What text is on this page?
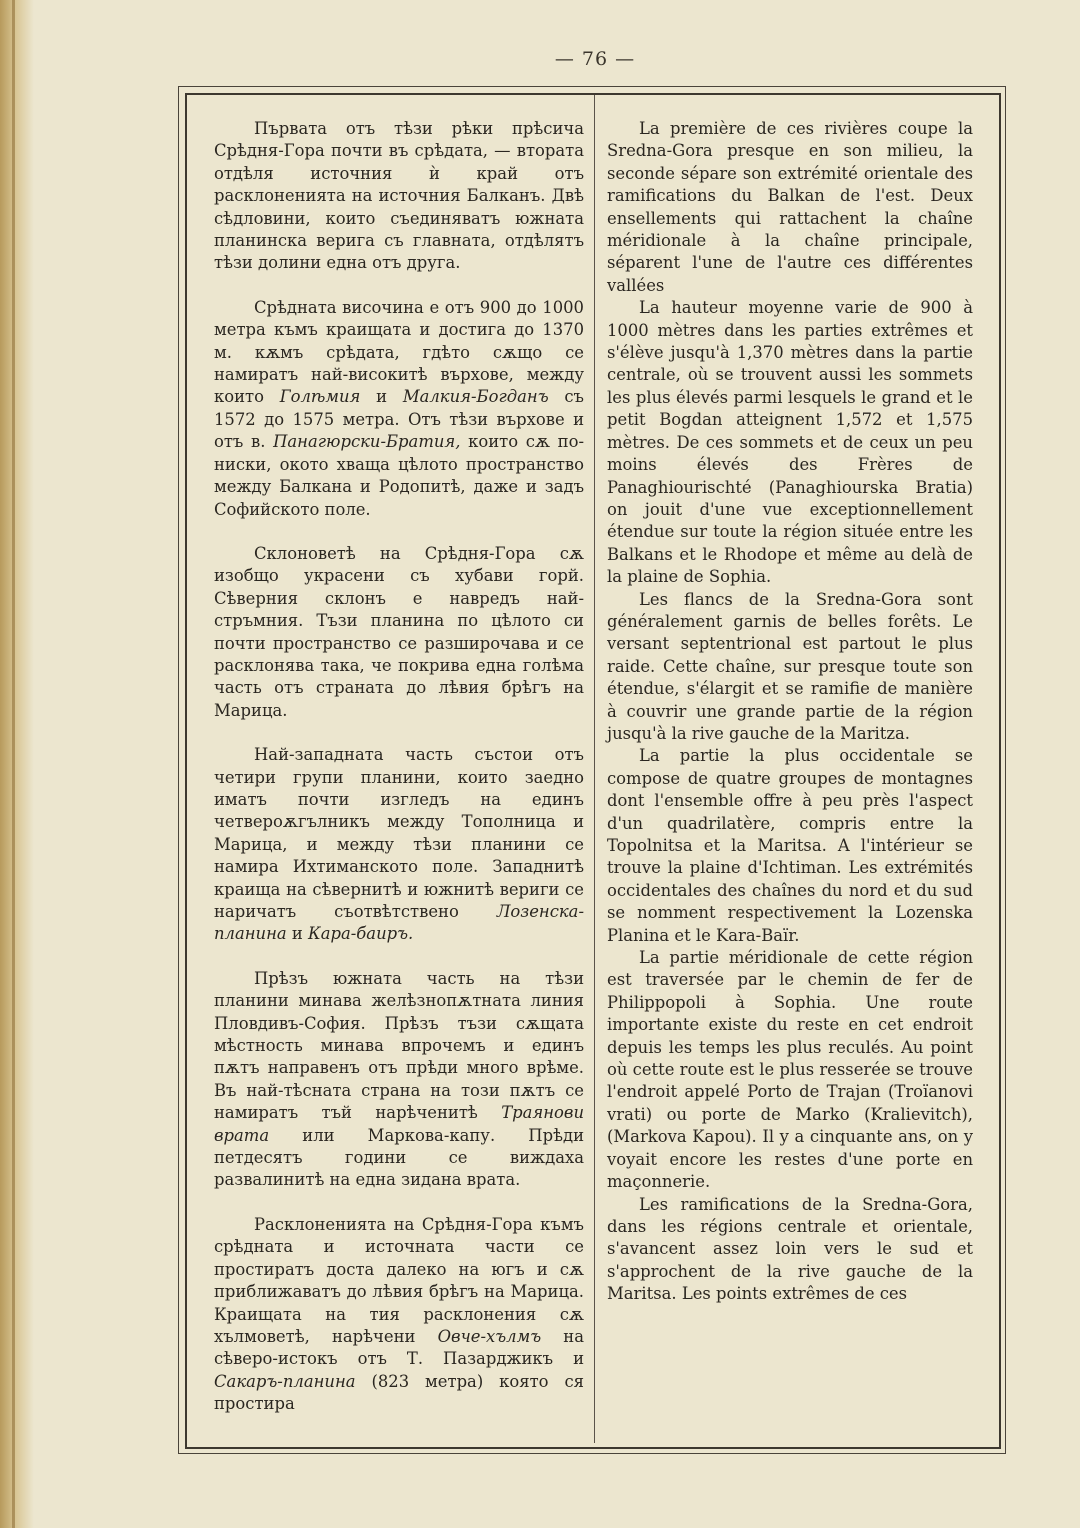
— 76 —

Първата отъ тѣзи рѣки прѣсича Срѣдня-Гора почти въ срѣдата, — втората отдѣля источния ѝ край отъ расклоненията на источния Балканъ. Двѣ сѣдловини, които съединяватъ южната планинска верига съ главната, отдѣлятъ тѣзи долини една отъ друга.

Срѣдната височина е отъ 900 до 1000 метра къмъ краищата и достига до 1370 м. кѫмъ срѣдата, гдѣто сѫщо се намиратъ най-високитѣ върхове, между които Голѣмия и Малкия-Богданъ съ 1572 до 1575 метра. Отъ тѣзи върхове и отъ в. Панагюрски-Братия, които сѫ по-ниски, окото хваща цѣлото пространство между Балкана и Родопитѣ, даже и задъ Софийското поле.

Склоноветѣ на Срѣдня-Гора сѫ изобщо украсени съ хубави горй. Сѣверния склонъ е навредъ най-стръмния. Тъзи планина по цѣлото си почти пространство се разширочава и се расклонява така, че покрива една голѣма часть отъ страната до лѣвия брѣгъ на Марица.

Най-западната часть състои отъ четири групи планини, които заедно иматъ почти изгледъ на единъ четвероѫгълникъ между Тополница и Марица, и между тѣзи планини се намира Ихтиманското поле. Западнитѣ краища на сѣвернитѣ и южнитѣ вериги се наричатъ съотвѣтствено Лозенска-планина и Кара-баиръ.

Прѣзъ южната часть на тѣзи планини минава желѣзнопѫтната линия Пловдивъ-София. Прѣзъ тъзи сѫщата мѣстность минава впрочемъ и единъ пѫтъ направенъ отъ прѣди много врѣме. Въ най-тѣсната страна на този пѫтъ се намиратъ тъй нарѣченитѣ Траянови врата или Маркова-капу. Прѣди петдесятъ години се виждаха развалинитѣ на една зидана врата.

Расклоненията на Срѣдня-Гора къмъ срѣдната и источната части се простиратъ доста далеко на югъ и сѫ приближаватъ до лѣвия брѣгъ на Марица. Краищата на тия расклонения сѫ хълмоветѣ, нарѣчени Овче-хълмъ на сѣверо-истокъ отъ Т. Пазарджикъ и Сакаръ-планина (823 метра) която ся простира

La première de ces rivières coupe la Sredna-Gora presque en son milieu, la seconde sépare son extrémité orientale des ramifications du Balkan de l'est. Deux ensellements qui rattachent la chaîne méridionale à la chaîne principale, séparent l'une de l'autre ces différentes vallées

La hauteur moyenne varie de 900 à 1000 mètres dans les parties extrêmes et s'élève jusqu'à 1,370 mètres dans la partie centrale, où se trouvent aussi les sommets les plus élevés parmi lesquels le grand et le petit Bogdan atteignent 1,572 et 1,575 mètres. De ces sommets et de ceux un peu moins élevés des Frères de Panaghiourischté (Panaghiourska Bratia) on jouit d'une vue exceptionnellement étendue sur toute la région située entre les Balkans et le Rhodope et même au delà de la plaine de Sophia.

Les flancs de la Sredna-Gora sont généralement garnis de belles forêts. Le versant septentrional est partout le plus raide. Cette chaîne, sur presque toute son étendue, s'élargit et se ramifie de manière à couvrir une grande partie de la région jusqu'à la rive gauche de la Maritza.

La partie la plus occidentale se compose de quatre groupes de montagnes dont l'ensemble offre à peu près l'aspect d'un quadrilatère, compris entre la Topolnitsa et la Maritsa. A l'intérieur se trouve la plaine d'Ichtiman. Les extrémités occidentales des chaînes du nord et du sud se nomment respectivement la Lozenska Planina et le Kara-Baïr.

La partie méridionale de cette région est traversée par le chemin de fer de Philippopoli à Sophia. Une route importante existe du reste en cet endroit depuis les temps les plus reculés. Au point où cette route est le plus resserée se trouve l'endroit appelé Porto de Trajan (Troïanovi vrati) ou porte de Marko (Kralievitch), (Markova Kapou). Il y a cinquante ans, on y voyait encore les restes d'une porte en maçonnerie.

Les ramifications de la Sredna-Gora, dans les régions centrale et orientale, s'avancent assez loin vers le sud et s'approchent de la rive gauche de la Maritsa. Les points extrêmes de ces
